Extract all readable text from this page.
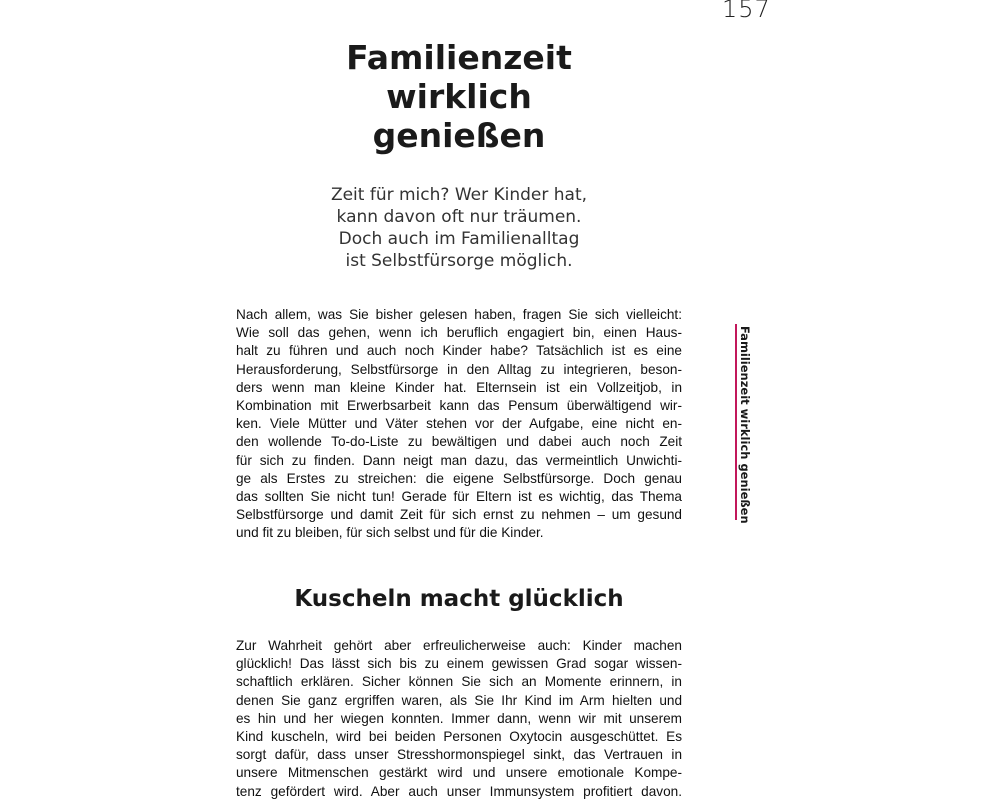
157
Familienzeit
wirklich
genießen

Zeit für mich? Wer Kinder hat,
kann davon oft nur träumen.
Doch auch im Familienalltag
ist Selbstfürsorge möglich.

Nach allem, was Sie bisher gelesen haben, fragen Sie sich vielleicht:
Wie soll das gehen, wenn ich beruflich engagiert bin, einen Haus-
halt zu führen und auch noch Kinder habe? Tatsächlich ist es eine
Herausforderung, Selbstfürsorge in den Alltag zu integrieren, beson-
ders wenn man kleine Kinder hat. Elternsein ist ein Vollzeitjob, in
Kombination mit Erwerbsarbeit kann das Pensum überwältigend wir-
ken. Viele Mütter und Väter stehen vor der Aufgabe, eine nicht en-
den wollende To-do-Liste zu bewältigen und dabei auch noch Zeit
für sich zu finden. Dann neigt man dazu, das vermeintlich Unwichti-
ge als Erstes zu streichen: die eigene Selbstfürsorge. Doch genau
das sollten Sie nicht tun! Gerade für Eltern ist es wichtig, das Thema
Selbstfürsorge und damit Zeit für sich ernst zu nehmen – um gesund
und fit zu bleiben, für sich selbst und für die Kinder.

Kuscheln macht glücklich

Zur Wahrheit gehört aber erfreulicherweise auch: Kinder machen
glücklich! Das lässt sich bis zu einem gewissen Grad sogar wissen-
schaftlich erklären. Sicher können Sie sich an Momente erinnern, in
denen Sie ganz ergriffen waren, als Sie Ihr Kind im Arm hielten und
es hin und her wiegen konnten. Immer dann, wenn wir mit unserem
Kind kuscheln, wird bei beiden Personen Oxytocin ausgeschüttet. Es
sorgt dafür, dass unser Stresshormonspiegel sinkt, das Vertrauen in
unsere Mitmenschen gestärkt wird und unsere emotionale Kompe-
tenz gefördert wird. Aber auch unser Immunsystem profitiert davon.

Familienzeit wirklich genießen
